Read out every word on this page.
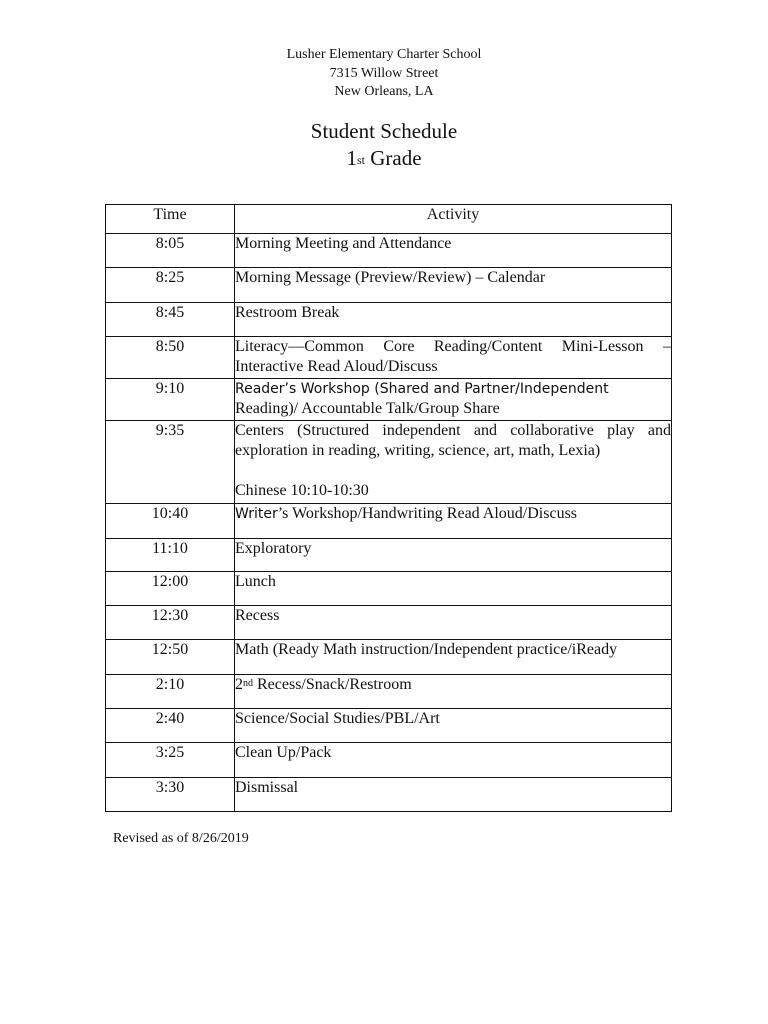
Lusher Elementary Charter School
7315 Willow Street
New Orleans, LA
Student Schedule
1st Grade
Time	Activity
8:05	Morning Meeting and Attendance
8:25	Morning Message (Preview/Review) – Calendar
8:45	Restroom Break
8:50	Literacy—Common Core Reading/Content Mini-Lesson – Interactive Read Aloud/Discuss
9:10	Reader’s Workshop (Shared and Partner/Independent
Reading)/ Accountable Talk/Group Share
9:35	Centers (Structured independent and collaborative play and exploration in reading, writing, science, art, math, Lexia)
Chinese 10:10-10:30
10:40	Writer’s Workshop/Handwriting Read Aloud/Discuss
11:10	Exploratory
12:00	Lunch
12:30	Recess
12:50	Math (Ready Math instruction/Independent practice/iReady
2:10	2nd Recess/Snack/Restroom
2:40	Science/Social Studies/PBL/Art
3:25	Clean Up/Pack
3:30	Dismissal
Revised as of 8/26/2019
